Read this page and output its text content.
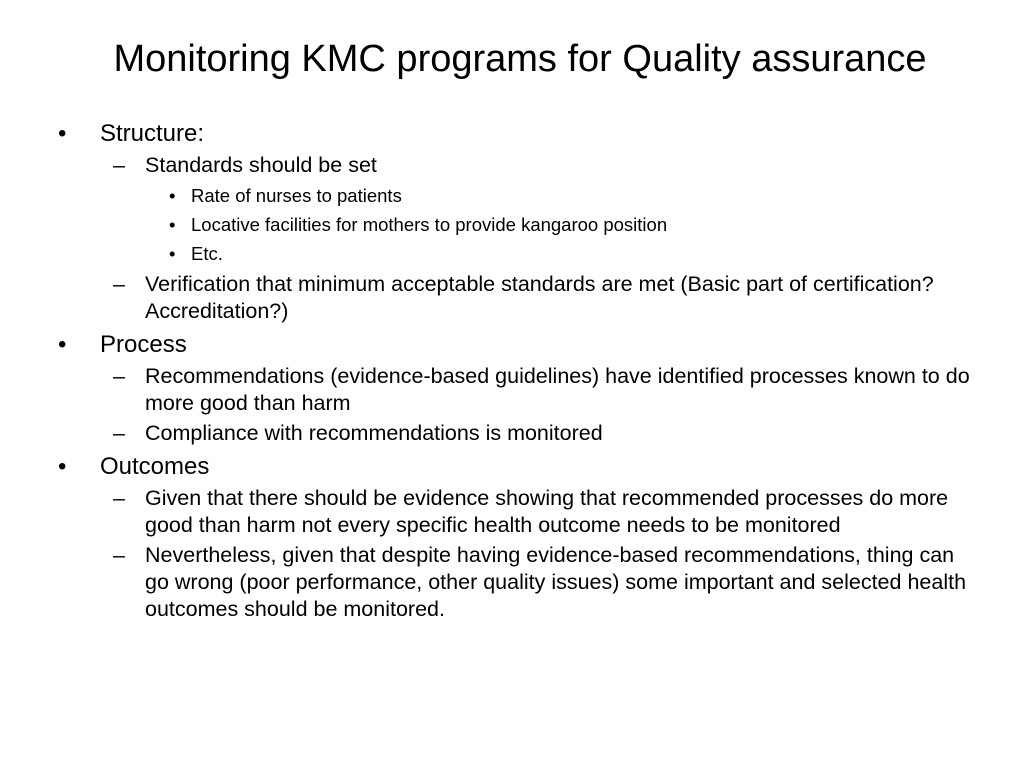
Monitoring KMC programs for Quality assurance
•	Structure:
– Standards should be set
• Rate of nurses to patients
• Locative facilities for mothers to provide kangaroo position
• Etc.
– Verification that minimum acceptable standards are met (Basic part of certification? Accreditation?)
•	Process
– Recommendations (evidence-based guidelines) have identified processes known to do more good than harm
– Compliance with recommendations is monitored
•	Outcomes
– Given that there should be evidence showing that recommended processes do more good than harm not every specific health outcome needs to be monitored
– Nevertheless, given that despite having evidence-based recommendations, thing can go wrong (poor performance, other quality issues) some important and selected health outcomes should be monitored.
